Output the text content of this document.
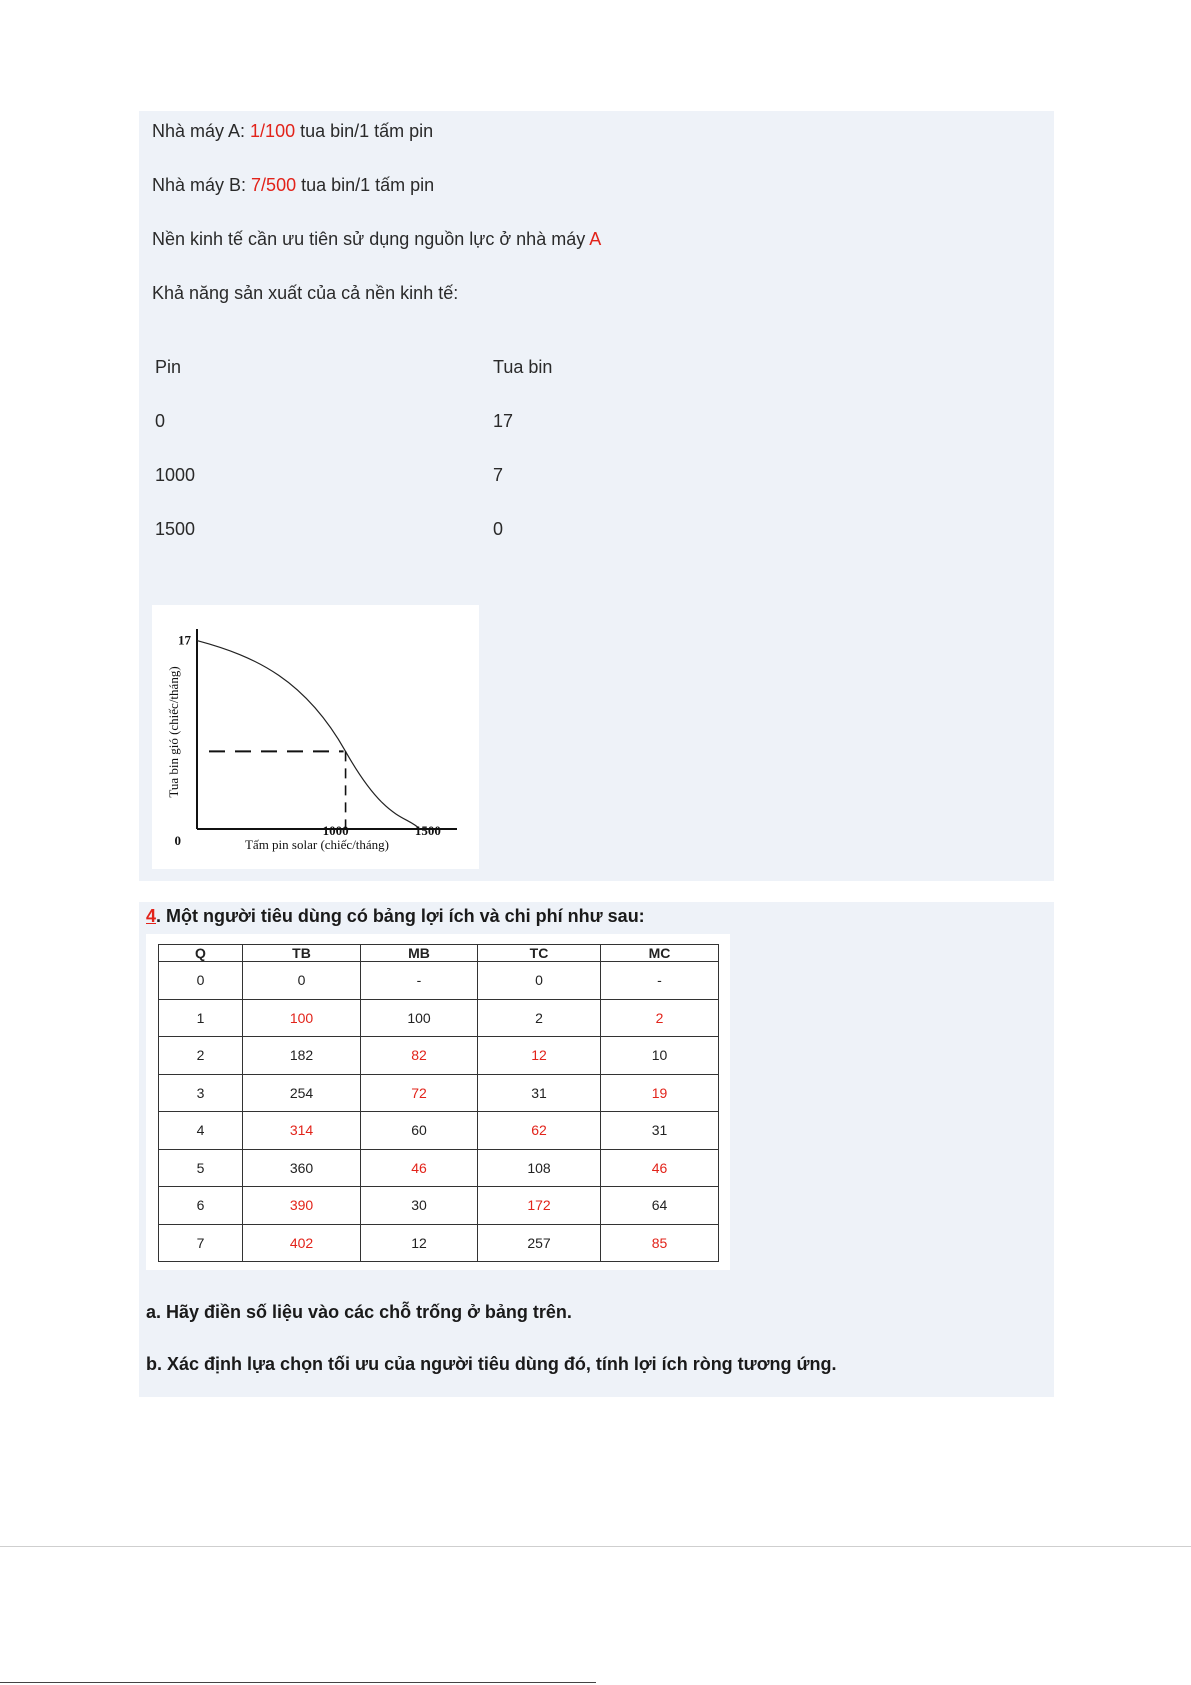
Nhà máy A: 1/100 tua bin/1 tấm pin
Nhà máy B: 7/500 tua bin/1 tấm pin
Nền kinh tế cần ưu tiên sử dụng nguồn lực ở nhà máy A
Khả năng sản xuất của cả nền kinh tế:
Pin	Tua bin
0	17
1000	7
1500	0
17
0
1000	1500
Tấm pin solar (chiếc/tháng)
Tua bin gió (chiếc/tháng)
4. Một người tiêu dùng có bảng lợi ích và chi phí như sau:
Q	TB	MB	TC	MC
0	0	-	0	-
1	100	100	2	2
2	182	82	12	10
3	254	72	31	19
4	314	60	62	31
5	360	46	108	46
6	390	30	172	64
7	402	12	257	85
a. Hãy điền số liệu vào các chỗ trống ở bảng trên.
b. Xác định lựa chọn tối ưu của người tiêu dùng đó, tính lợi ích ròng tương ứng.
